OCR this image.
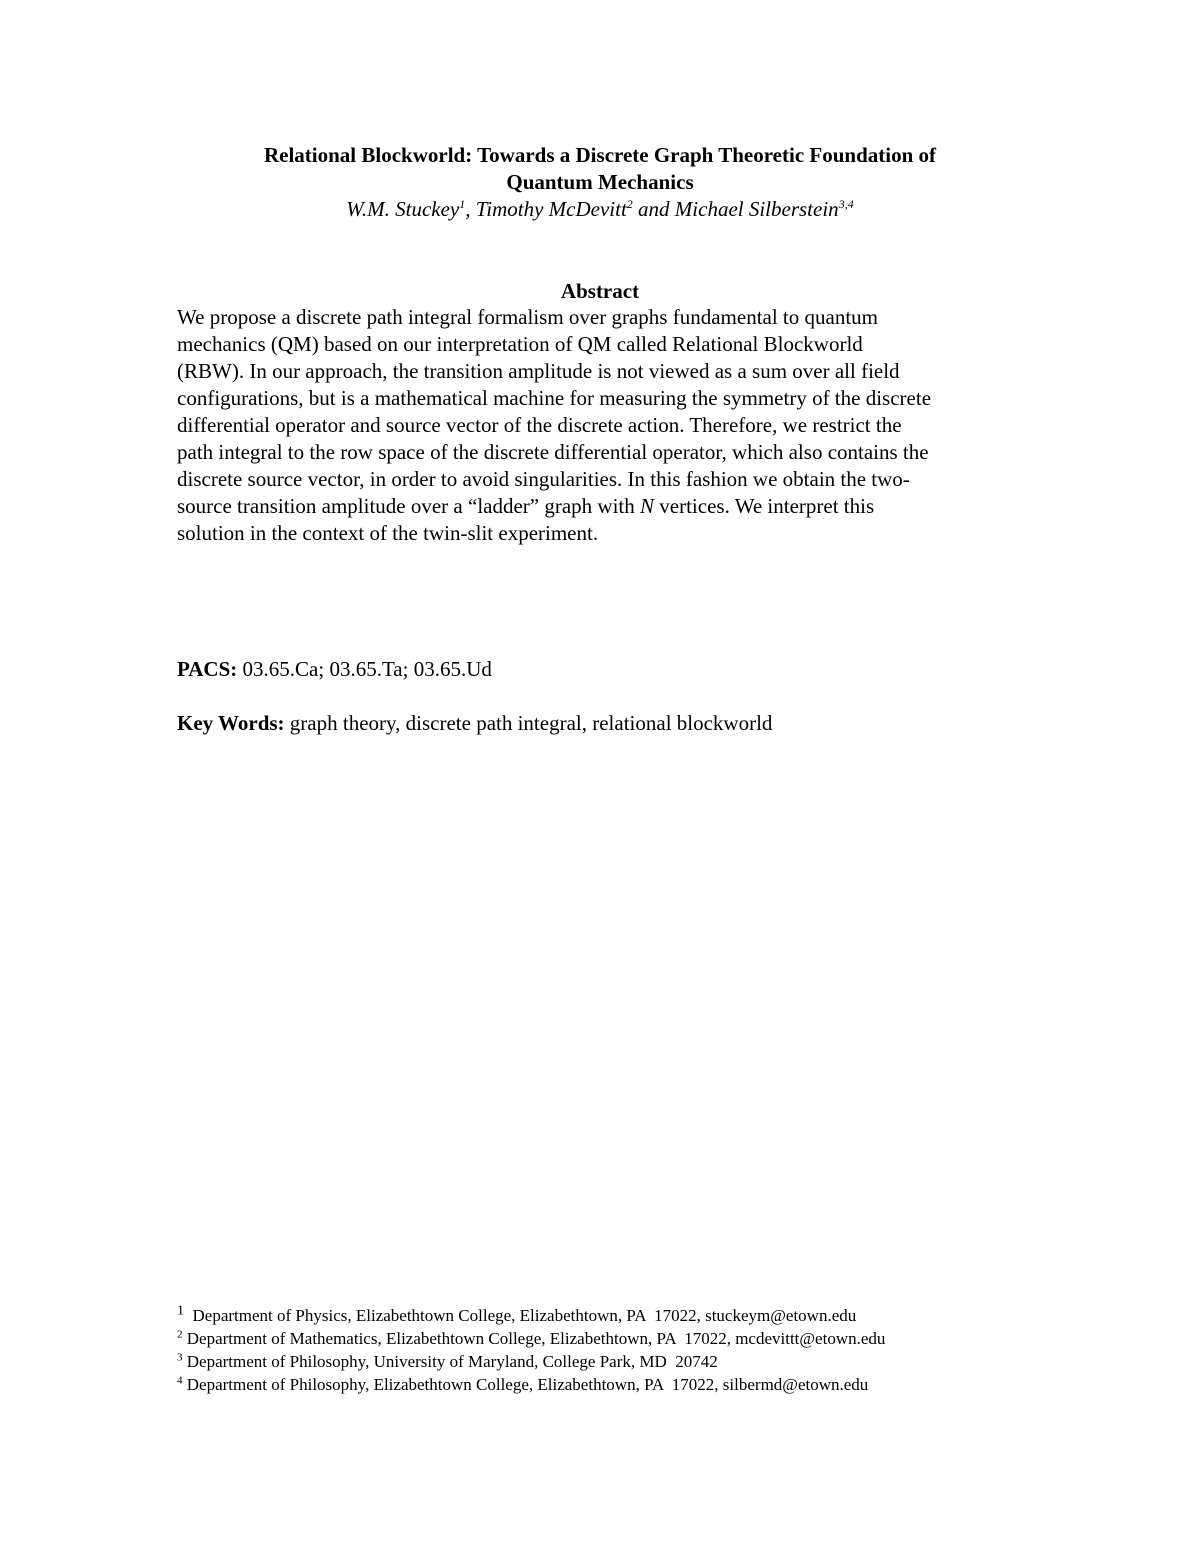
Relational Blockworld: Towards a Discrete Graph Theoretic Foundation of
Quantum Mechanics
W.M. Stuckey$^1$, Timothy McDevitt$^2$ and Michael Silberstein$^{3,4}$
Abstract
We propose a discrete path integral formalism over graphs fundamental to quantum
mechanics (QM) based on our interpretation of QM called Relational Blockworld
(RBW). In our approach, the transition amplitude is not viewed as a sum over all field
configurations, but is a mathematical machine for measuring the symmetry of the discrete
differential operator and source vector of the discrete action. Therefore, we restrict the
path integral to the row space of the discrete differential operator, which also contains the
discrete source vector, in order to avoid singularities. In this fashion we obtain the two-
source transition amplitude over a “ladder” graph with N vertices. We interpret this
solution in the context of the twin-slit experiment.
PACS: 03.65.Ca; 03.65.Ta; 03.65.Ud
Key Words: graph theory, discrete path integral, relational blockworld
$^1$  Department of Physics, Elizabethtown College, Elizabethtown, PA  17022, stuckeym@etown.edu
$^2$ Department of Mathematics, Elizabethtown College, Elizabethtown, PA  17022, mcdevittt@etown.edu
$^3$ Department of Philosophy, University of Maryland, College Park, MD  20742
$^4$ Department of Philosophy, Elizabethtown College, Elizabethtown, PA  17022, silbermd@etown.edu
